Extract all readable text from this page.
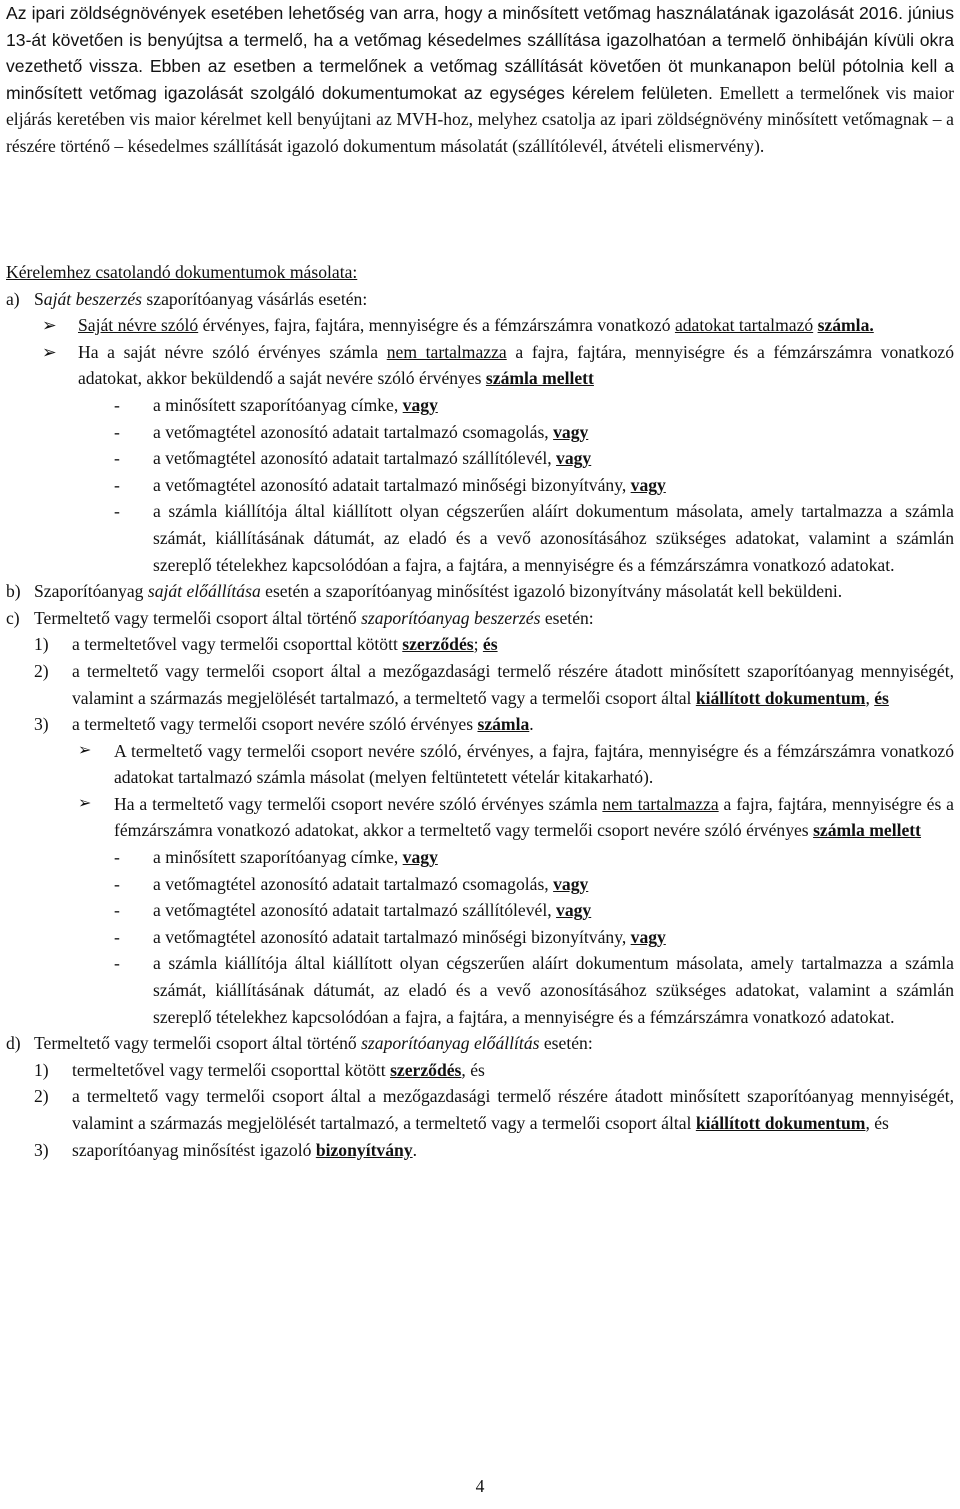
Az ipari zöldségnövények esetében lehetőség van arra, hogy a minősített vetőmag használatának igazolását 2016. június 13-át követően is benyújtsa a termelő, ha a vetőmag késedelmes szállítása igazolhatóan a termelő önhibáján kívüli okra vezethető vissza. Ebben az esetben a termelőnek a vetőmag szállítását követően öt munkanapon belül pótolnia kell a minősített vetőmag igazolását szolgáló dokumentumokat az egységes kérelem felületen. Emellett a termelőnek vis maior eljárás keretében vis maior kérelmet kell benyújtani az MVH-hoz, melyhez csatolja az ipari zöldségnövény minősített vetőmagnak – a részére történő – késedelmes szállítását igazoló dokumentum másolatát (szállítólevél, átvételi elismervény).

Kérelemhez csatolandó dokumentumok másolata:

a) Saját beszerzés szaporítóanyag vásárlás esetén:
➢	Saját névre szóló érvényes, fajra, fajtára, mennyiségre és a fémzárszámra vonatkozó adatokat tartalmazó számla.
➢	Ha a saját névre szóló érvényes számla nem tartalmazza a fajra, fajtára, mennyiségre és a fémzárszámra vonatkozó adatokat, akkor beküldendő a saját nevére szóló érvényes számla mellett
-	a minősített szaporítóanyag címke, vagy
-	a vetőmagtétel azonosító adatait tartalmazó csomagolás, vagy
-	a vetőmagtétel azonosító adatait tartalmazó szállítólevél, vagy
-	a vetőmagtétel azonosító adatait tartalmazó minőségi bizonyítvány, vagy
-	a számla kiállítója által kiállított olyan cégszerűen aláírt dokumentum másolata, amely tartalmazza a számla számát, kiállításának dátumát, az eladó és a vevő azonosításához szükséges adatokat, valamint a számlán szereplő tételekhez kapcsolódóan a fajra, a fajtára, a mennyiségre és a fémzárszámra vonatkozó adatokat.
b) Szaporítóanyag saját előállítása esetén a szaporítóanyag minősítést igazoló bizonyítvány másolatát kell beküldeni.
c) Termeltető vagy termelői csoport által történő szaporítóanyag beszerzés esetén:
1)	a termeltetővel vagy termelői csoporttal kötött szerződés; és
2)	a termeltető vagy termelői csoport által a mezőgazdasági termelő részére átadott minősített szaporítóanyag mennyiségét, valamint a származás megjelölését tartalmazó, a termeltető vagy a termelői csoport által kiállított dokumentum, és
3)	a termeltető vagy termelői csoport nevére szóló érvényes számla.
➢	A termeltető vagy termelői csoport nevére szóló, érvényes, a fajra, fajtára, mennyiségre és a fémzárszámra vonatkozó adatokat tartalmazó számla másolat (melyen feltüntetett vételár kitakarható).
➢	Ha a termeltető vagy termelői csoport nevére szóló érvényes számla nem tartalmazza a fajra, fajtára, mennyiségre és a fémzárszámra vonatkozó adatokat, akkor a termeltető vagy termelői csoport nevére szóló érvényes számla mellett
-	a minősített szaporítóanyag címke, vagy
-	a vetőmagtétel azonosító adatait tartalmazó csomagolás, vagy
-	a vetőmagtétel azonosító adatait tartalmazó szállítólevél, vagy
-	a vetőmagtétel azonosító adatait tartalmazó minőségi bizonyítvány, vagy
-	a számla kiállítója által kiállított olyan cégszerűen aláírt dokumentum másolata, amely tartalmazza a számla számát, kiállításának dátumát, az eladó és a vevő azonosításához szükséges adatokat, valamint a számlán szereplő tételekhez kapcsolódóan a fajra, a fajtára, a mennyiségre és a fémzárszámra vonatkozó adatokat.
d) Termeltető vagy termelői csoport által történő szaporítóanyag előállítás esetén:
1)	termeltetővel vagy termelői csoporttal kötött szerződés, és
2)	a termeltető vagy termelői csoport által a mezőgazdasági termelő részére átadott minősített szaporítóanyag mennyiségét, valamint a származás megjelölését tartalmazó, a termeltető vagy a termelői csoport által kiállított dokumentum, és
3)	szaporítóanyag minősítést igazoló bizonyítvány.
4
